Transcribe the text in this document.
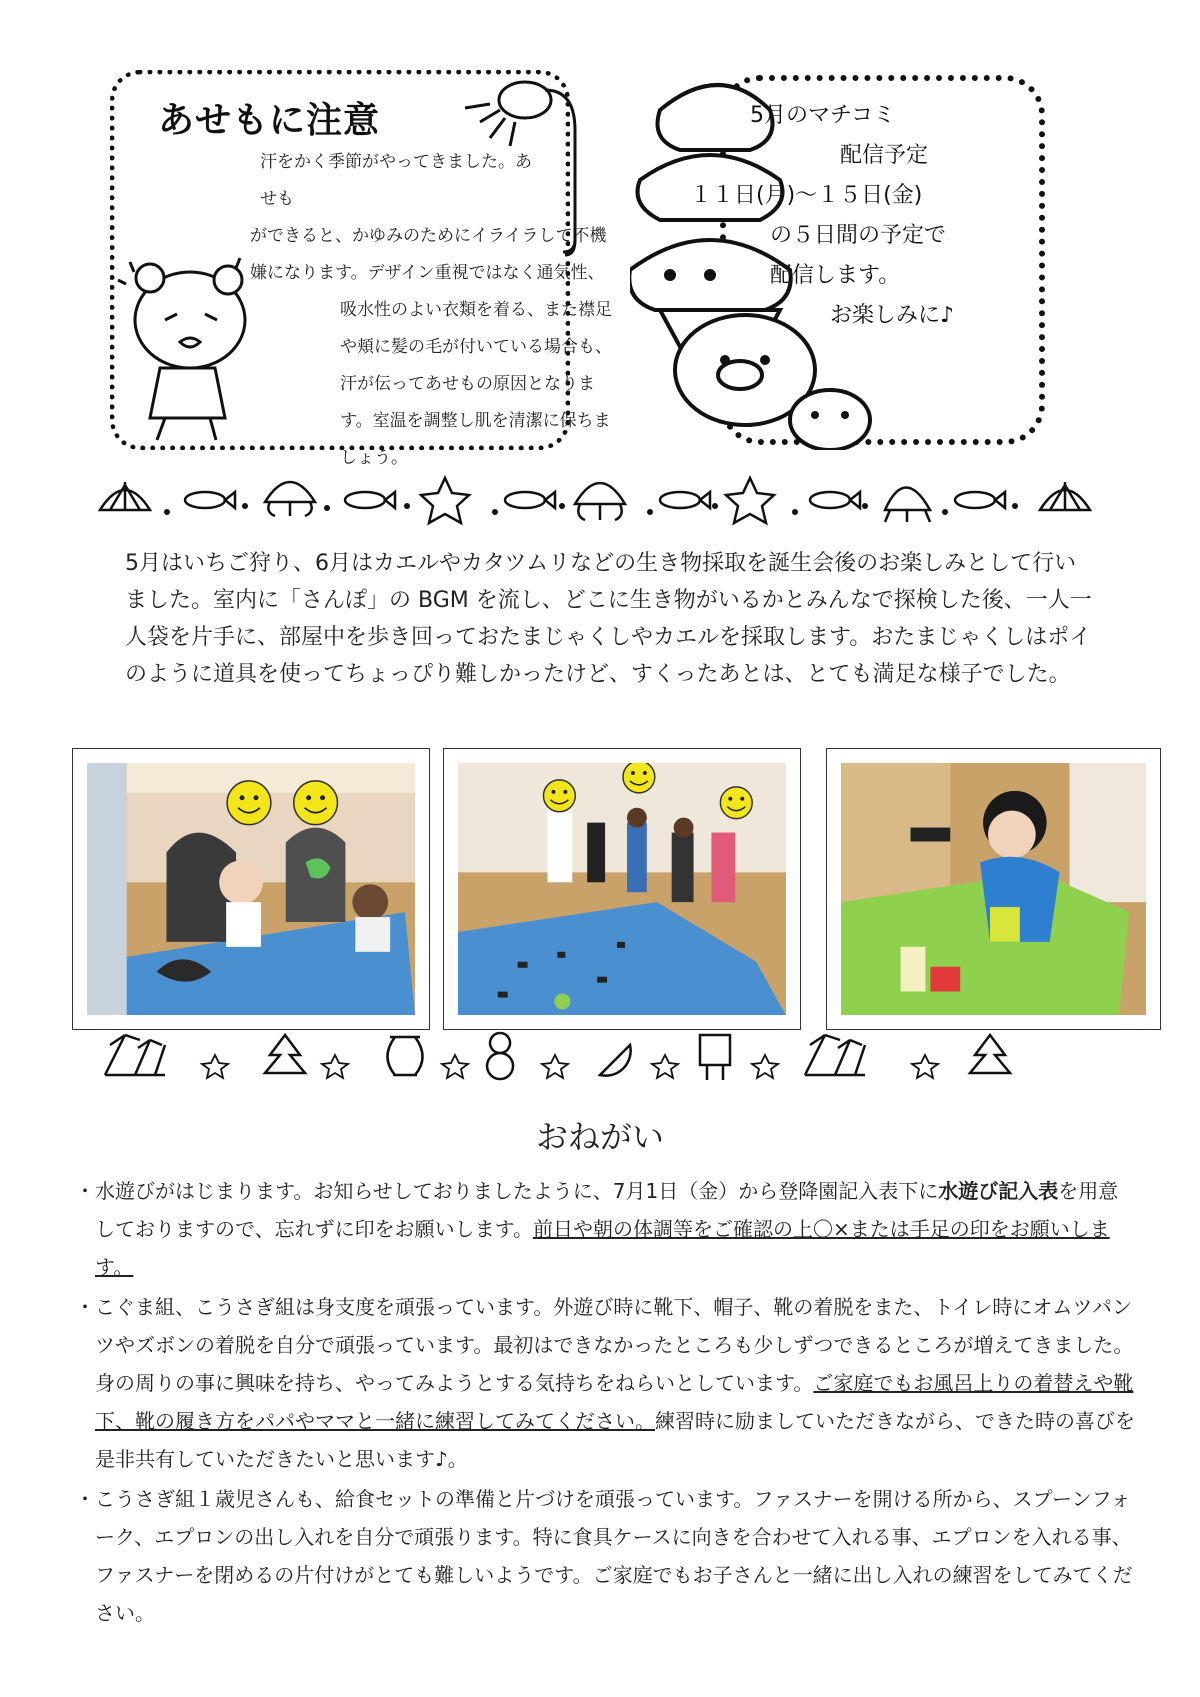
あせもに注意

汗をかく季節がやってきました。あせも

ができると、かゆみのためにイライラして不機

嫌になります。デザイン重視ではなく通気性、

吸水性のよい衣類を着る、また襟足

や頬に髪の毛が付いている場合も、

汗が伝ってあせもの原因となりま

す。室温を調整し肌を清潔に保ちま

しょう。

5月のマチコミ
配信予定
１１日(月)～１５日(金)
の５日間の予定で
配信します。
お楽しみに♪
5月はいちご狩り、6月はカエルやカタツムリなどの生き物採取を誕生会後のお楽しみとして行いました。室内に「さんぽ」の BGM を流し、どこに生き物がいるかとみんなで探検した後、一人一人袋を片手に、部屋中を歩き回っておたまじゃくしやカエルを採取します。おたまじゃくしはポイのように道具を使ってちょっぴり難しかったけど、すくったあとは、とても満足な様子でした。
おねがい
・ 水遊びがはじまります。お知らせしておりましたように、7月1日（金）から登降園記入表下に水遊び記入表を用意しておりますので、忘れずに印をお願いします。前日や朝の体調等をご確認の上〇×または手足の印をお願いします。
・ こぐま組、こうさぎ組は身支度を頑張っています。外遊び時に靴下、帽子、靴の着脱をまた、トイレ時にオムツパンツやズボンの着脱を自分で頑張っています。最初はできなかったところも少しずつできるところが増えてきました。身の周りの事に興味を持ち、やってみようとする気持ちをねらいとしています。ご家庭でもお風呂上りの着替えや靴下、靴の履き方をパパやママと一緒に練習してみてください。練習時に励ましていただきながら、できた時の喜びを是非共有していただきたいと思います♪。
・ こうさぎ組１歳児さんも、給食セットの準備と片づけを頑張っています。ファスナーを開ける所から、スプーンフォーク、エプロンの出し入れを自分で頑張ります。特に食具ケースに向きを合わせて入れる事、エプロンを入れる事、ファスナーを閉めるの片付けがとても難しいようです。ご家庭でもお子さんと一緒に出し入れの練習をしてみてください。
